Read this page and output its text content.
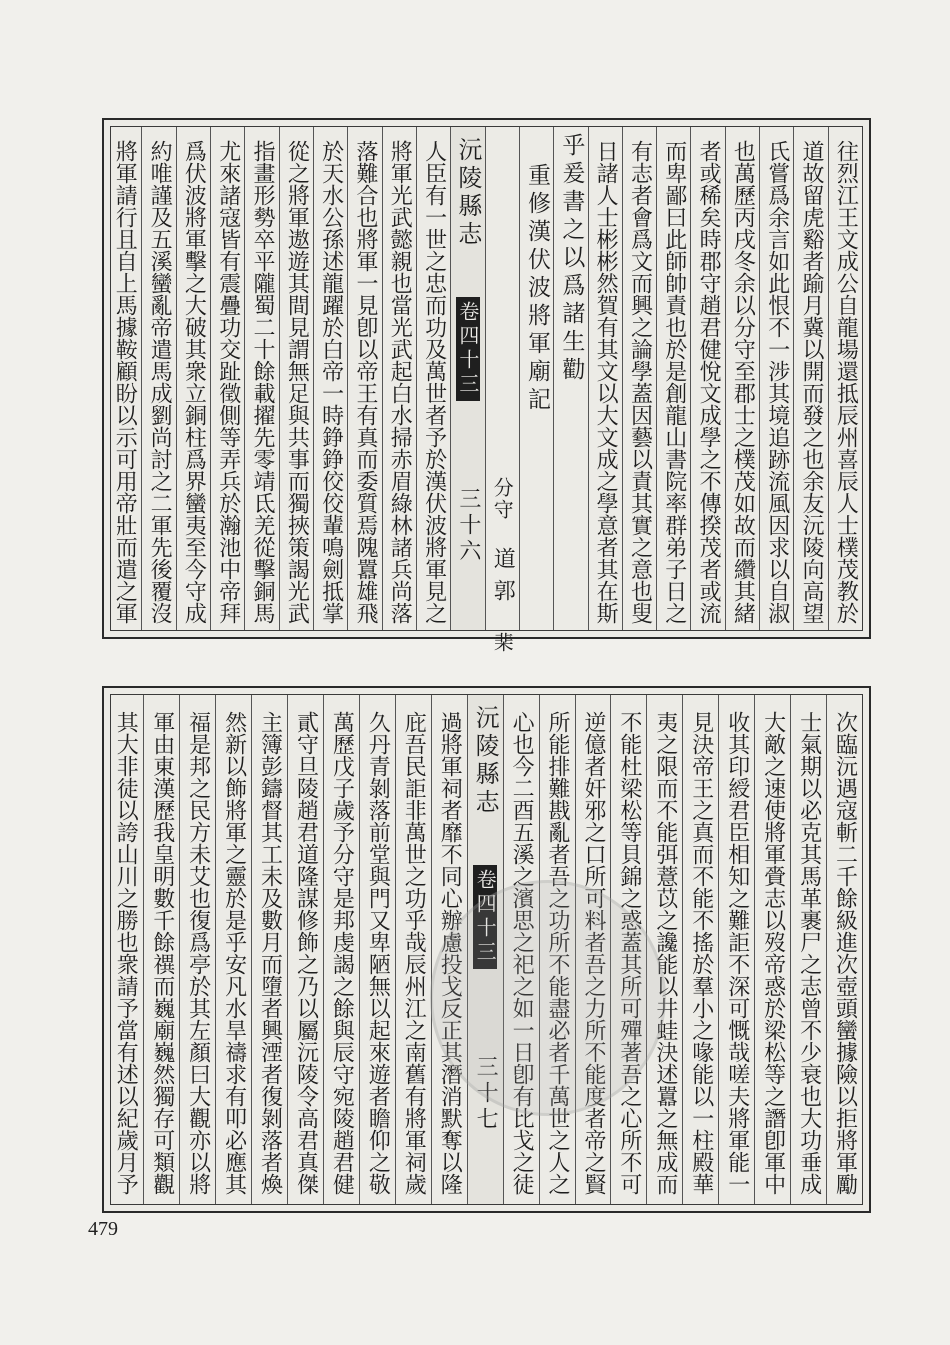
往烈江王文成公自龍場還抵辰州喜辰人士樸茂教於
道故留虎谿者踰月冀以開而發之也余友沅陵向高望
氏嘗爲余言如此恨不一涉其境追跡流風因求以自淑
也萬歷丙戌冬余以分守至郡士之樸茂如故而纘其緒
者或稀矣時郡守趙君健悅文成學之不傳揆茂者或流
而卑鄙曰此師帥責也於是創龍山書院率群弟子日之
有志者會爲文而興之論學蓋因藝以責其實之意也叟
日諸人士彬彬然賀有其文以大文成之學意者其在斯
乎爰書之以爲諸生勸
重修漢伏波將軍廟記
分守
道郭
棐
沅陵縣志
卷四十三
三十六
人臣有一世之忠而功及萬世者予於漢伏波將軍見之
將軍光武懿親也當光武起白水掃赤眉綠林諸兵尚落
落難合也將軍一見卽以帝王有真而委質焉隗囂雄飛
於天水公孫述龍躍於白帝一時錚錚佼佼輩鳴劍抵掌
從之將軍遨遊其間見謂無足與共事而獨挾策謁光武
指畫形勢卒平隴蜀二十餘載擢先零靖氐羌從擊銅馬
尤來諸寇皆有震疊功交趾徵側等弄兵於瀚池中帝拜
爲伏波將軍擊之大破其衆立銅柱爲界蠻夷至今守成
約唯謹及五溪蠻亂帝遣馬成劉尚討之二軍先後覆沒
將軍請行且自上馬據鞍顧盼以示可用帝壯而遣之軍
次臨沅遇寇斬二千餘級進次壺頭蠻據險以拒將軍勵
士氣期以必克其馬革裹尸之志曾不少衰也大功垂成
大敵之速使將軍賫志以歿帝惑於梁松等之譖卽軍中
收其印綬君臣相知之難詎不深可慨哉嗟夫將軍能一
見決帝王之真而不能不搖於羣小之喙能以一柱殿華
夷之限而不能弭薏苡之讒能以井蛙決述囂之無成而
不能杜梁松等貝錦之惑蓋其所可殫著吾之心所不可
逆億者奸邪之口所可料者吾之力所不能度者帝之賢
所能排難戡亂者吾之功所不能盡必者千萬世之人之
心也今二酉五溪之濱思之祀之如一日卽有比戈之徒
沅陵縣志
卷四十三
三十七
過將軍祠者靡不同心辦慮投戈反正其潛消默奪以隆
庇吾民詎非萬世之功乎哉辰州江之南舊有將軍祠歲
久丹青剝落前堂與門又卑陋無以起來遊者瞻仰之敬
萬歷戊子歲予分守是邦虔謁之餘與辰守宛陵趙君健
貳守旦陵趙君道隆謀修飾之乃以屬沅陵令高君真傑
主簿彭鑄督其工未及數月而墮者興湮者復剝落者煥
然新以飾將軍之靈於是乎安凡水旱禱求有叩必應其
福是邦之民方未艾也復爲亭於其左顏曰大觀亦以將
軍由東漢歷我皇明數千餘禩而巍廟巍然獨存可類觀
其大非徒以誇山川之勝也衆請予當有述以紀歲月予
479
